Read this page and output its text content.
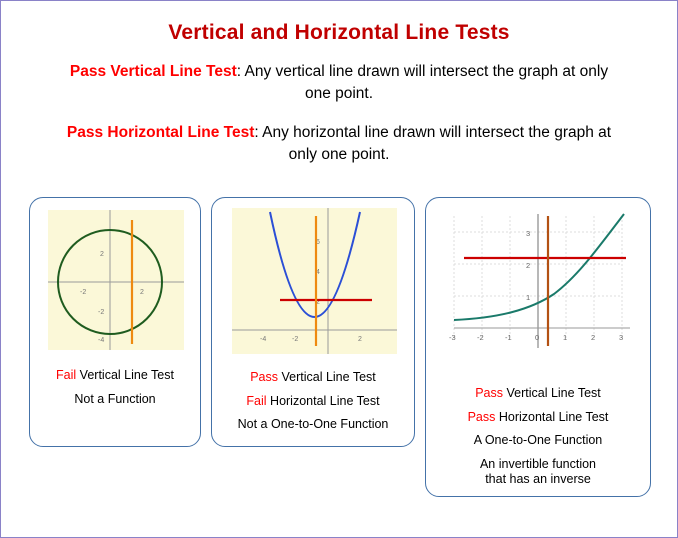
Vertical and Horizontal Line Tests
Pass Vertical Line Test: Any vertical line drawn will intersect the graph at only one point.
Pass Horizontal Line Test: Any horizontal line drawn will intersect the graph at only one point.
-2	2
2
-2
-4
Fail Vertical Line Test
Not a Function
6
4
2
-4	-2	2
Pass Vertical Line Test
Fail Horizontal Line Test
Not a One-to-One Function
3
2
1
-3	-2	-1	0	1	2	3
Pass Vertical Line Test
Pass Horizontal Line Test
A One-to-One Function
An invertible function
that has an inverse
